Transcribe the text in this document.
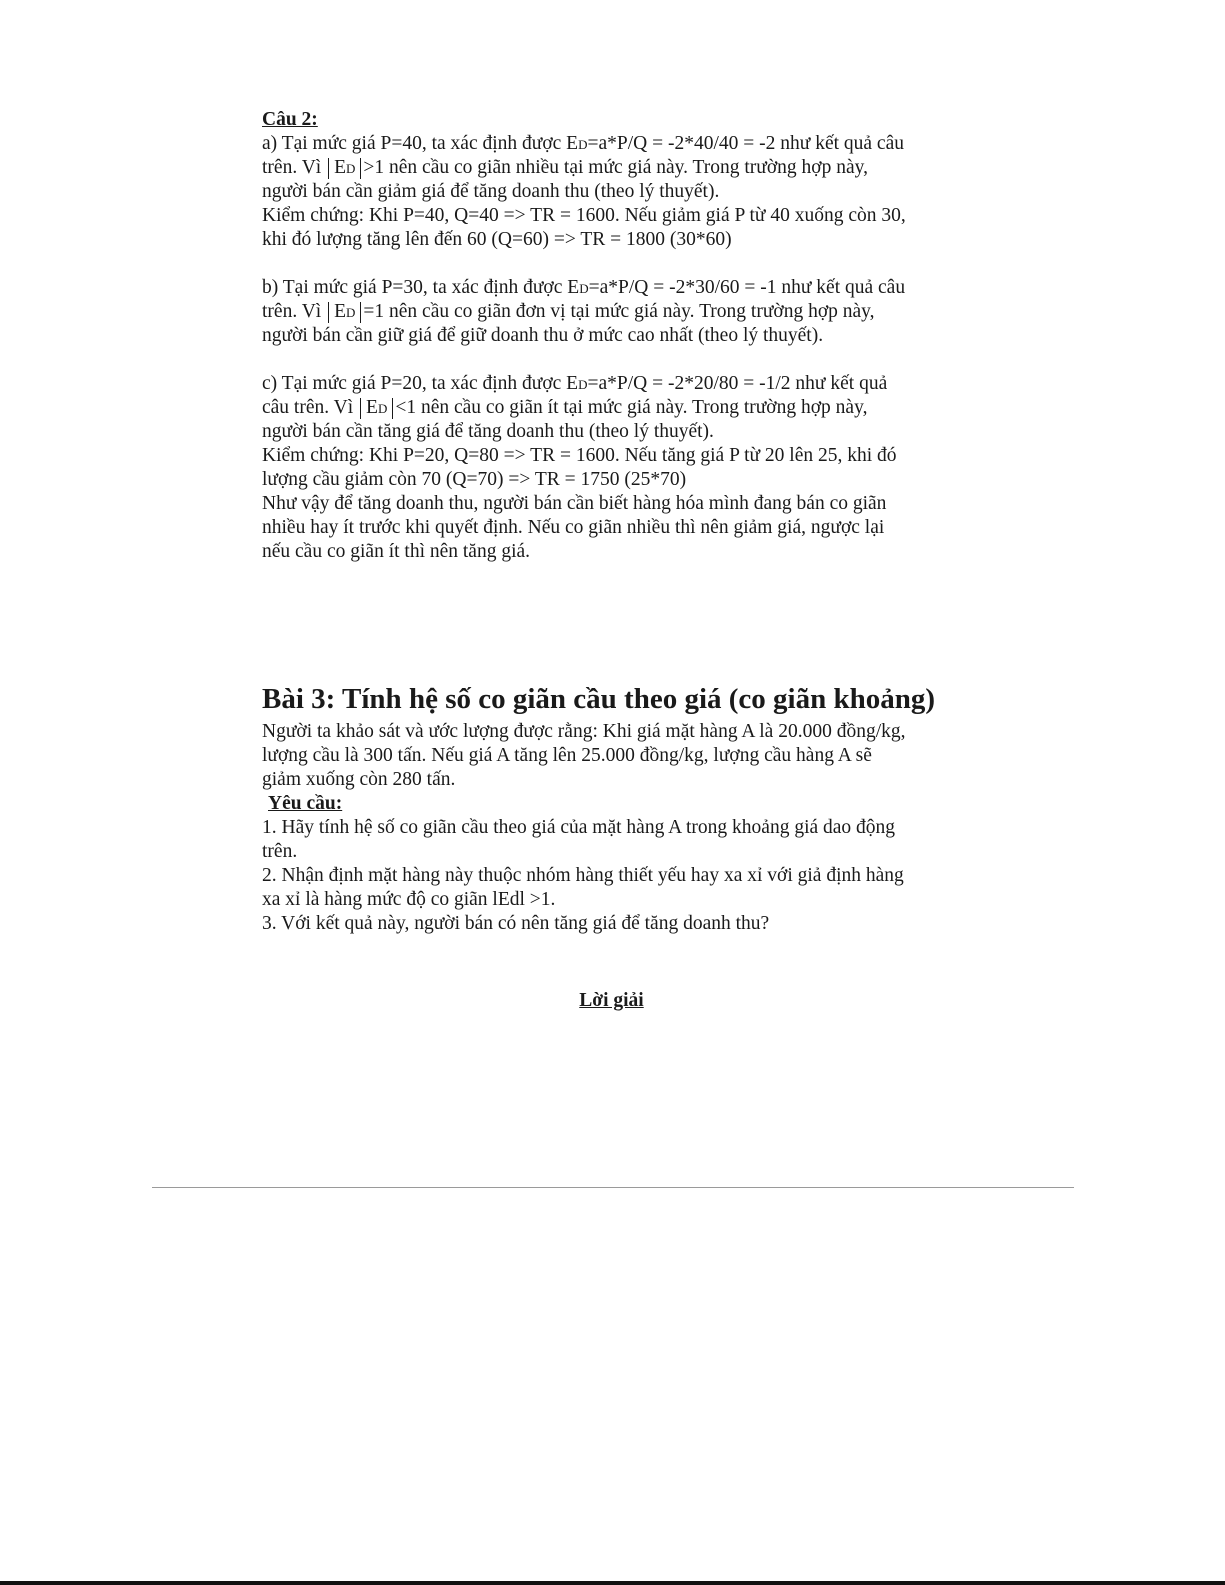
Câu 2:
a) Tại mức giá P=40, ta xác định được ED=a*P/Q = -2*40/40 = -2 như kết quả câu
trên. Vì ED >1 nên cầu co giãn nhiều tại mức giá này. Trong trường hợp này,
người bán cần giảm giá để tăng doanh thu (theo lý thuyết).
Kiểm chứng: Khi P=40, Q=40 => TR = 1600. Nếu giảm giá P từ 40 xuống còn 30,
khi đó lượng tăng lên đến 60 (Q=60) => TR = 1800 (30*60)
b) Tại mức giá P=30, ta xác định được ED=a*P/Q = -2*30/60 = -1 như kết quả câu
trên. Vì ED =1 nên cầu co giãn đơn vị tại mức giá này. Trong trường hợp này,
người bán cần giữ giá để giữ doanh thu ở mức cao nhất (theo lý thuyết).
c) Tại mức giá P=20, ta xác định được ED=a*P/Q = -2*20/80 = -1/2 như kết quả
câu trên. Vì ED <1 nên cầu co giãn ít tại mức giá này. Trong trường hợp này,
người bán cần tăng giá để tăng doanh thu (theo lý thuyết).
Kiểm chứng: Khi P=20, Q=80 => TR = 1600. Nếu tăng giá P từ 20 lên 25, khi đó
lượng cầu giảm còn 70 (Q=70) => TR = 1750 (25*70)
Như vậy để tăng doanh thu, người bán cần biết hàng hóa mình đang bán co giãn
nhiều hay ít trước khi quyết định. Nếu co giãn nhiều thì nên giảm giá, ngược lại
nếu cầu co giãn ít thì nên tăng giá.
Bài 3: Tính hệ số co giãn cầu theo giá (co giãn khoảng)
Người ta khảo sát và ước lượng được rằng: Khi giá mặt hàng A là 20.000 đồng/kg,
lượng cầu là 300 tấn. Nếu giá A tăng lên 25.000 đồng/kg, lượng cầu hàng A sẽ
giảm xuống còn 280 tấn.
Yêu cầu:
1. Hãy tính hệ số co giãn cầu theo giá của mặt hàng A trong khoảng giá dao động
trên.
2. Nhận định mặt hàng này thuộc nhóm hàng thiết yếu hay xa xỉ với giả định hàng
xa xỉ là hàng mức độ co giãn lEdl >1.
3. Với kết quả này, người bán có nên tăng giá để tăng doanh thu?
Lời giải
